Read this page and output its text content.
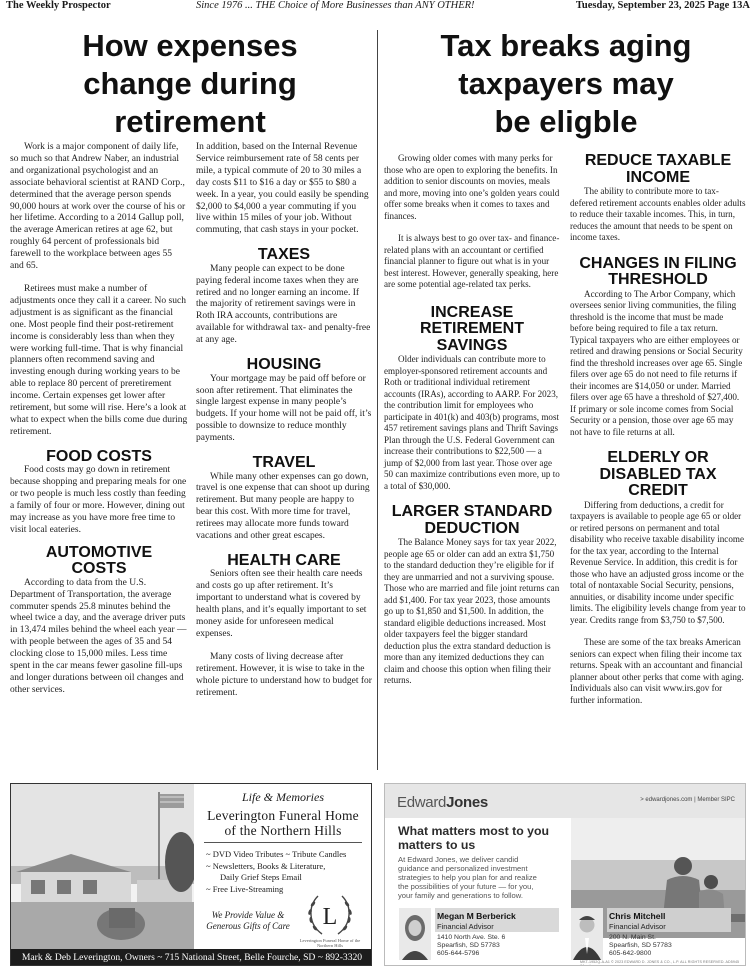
The Weekly Prospector	Since 1976 ... THE Choice of More Businesses than ANY OTHER!	Tuesday, September 23, 2025 Page 13A
How expenses
change during
retirement
Tax breaks aging
taxpayers may
be eligble

Work is a major component of daily life, so much so that Andrew Naber, an industrial and organizational psychologist and an associate behavioral scientist at RAND Corp., determined that the average person spends 90,000 hours at work over the course of his or her lifetime. According to a 2014 Gallup poll, the average American retires at age 62, but roughly 64 percent of professionals bid farewell to the workplace between ages 55 and 65.

Retirees must make a number of adjustments once they call it a career. No such adjustment is as significant as the financial one. Most people find their post-retirement income is considerably less than when they were working full-time. That is why financial planners often recommend saving and investing enough during working years to be able to replace 80 percent of preretirement income. Certain expenses get lower after retirement, but some will rise. Here’s a look at what to expect when the bills come due during retirement.

FOOD COSTS

Food costs may go down in retirement because shopping and preparing meals for one or two people is much less costly than feeding a family of four or more. However, dining out may increase as you have more free time to visit local eateries.

AUTOMOTIVE COSTS

According to data from the U.S. Department of Transportation, the average commuter spends 25.8 minutes behind the wheel twice a day, and the average driver puts in 13,474 miles behind the wheel each year — with people between the ages of 35 and 54 clocking close to 15,000 miles. Less time spent in the car means fewer gasoline fill-ups and longer durations between oil changes and other services.

In addition, based on the Internal Revenue Service reimbursement rate of 58 cents per mile, a typical commute of 20 to 30 miles a day costs $11 to $16 a day or $55 to $80 a week. In a year, you could easily be spending $2,000 to $4,000 a year commuting if you live within 15 miles of your job. Without commuting, that cash stays in your pocket.

TAXES

Many people can expect to be done paying federal income taxes when they are retired and no longer earning an income. If the majority of retirement savings were in Roth IRA accounts, contributions are available for withdrawal tax- and penalty-free at any age.

HOUSING

Your mortgage may be paid off before or soon after retirement. That eliminates the single largest expense in many people’s budgets. If your home will not be paid off, it’s possible to downsize to reduce monthly payments.

TRAVEL

While many other expenses can go down, travel is one expense that can shoot up during retirement. But many people are happy to bear this cost. With more time for travel, retirees may allocate more funds toward vacations and other great escapes.

HEALTH CARE

Seniors often see their health care needs and costs go up after retirement. It’s important to understand what is covered by health plans, and it’s equally important to set money aside for unforeseen medical expenses.

Many costs of living decrease after retirement. However, it is wise to take in the whole picture to understand how to budget for retirement.

Growing older comes with many perks for those who are open to exploring the benefits. In addition to senior discounts on movies, meals and more, moving into one’s golden years could offer some breaks when it comes to taxes and finances.

It is always best to go over tax- and finance-related plans with an accountant or certified financial planner to figure out what is in your best interest. However, generally speaking, here are some potential age-related tax perks.

INCREASE RETIREMENT SAVINGS

Older individuals can contribute more to employer-sponsored retirement accounts and Roth or traditional individual retirement accounts (IRAs), according to AARP. For 2023, the contribution limit for employees who participate in 401(k) and 403(b) programs, most 457 retirement savings plans and Thrift Savings Plan through the U.S. Federal Government can increase their contributions to $22,500 — a jump of $2,000 from last year. Those over age 50 can maximize contributions even more, up to a total of $30,000.

LARGER STANDARD DEDUCTION

The Balance Money says for tax year 2022, people age 65 or older can add an extra $1,750 to the standard deduction they’re eligible for if they are unmarried and not a surviving spouse. Those who are married and file joint returns can add $1,400. For tax year 2023, those amounts go up to $1,850 and $1,500. In addition, the standard eligible deductions increased. Most older taxpayers feel the bigger standard deduction plus the extra standard deduction is more than any itemized deductions they can claim and choose this option when filing their returns.

REDUCE TAXABLE INCOME

The ability to contribute more to tax-defered retirement accounts enables older adults to reduce their taxable incomes. This, in turn, reduces the amount that needs to be spent on income taxes.

CHANGES IN FILING THRESHOLD

According to The Arbor Company, which oversees senior living communities, the filing threshold is the income that must be made before being required to file a tax return. Typical taxpayers who are either employees or retired and drawing pensions or Social Security find the threshold increases over age 65. Single filers over age 65 do not need to file returns if their incomes are $14,050 or under. Married filers over age 65 have a threshold of $27,400. If primary or sole income comes from Social Security or a pension, those over age 65 may not have to file returns at all.

ELDERLY OR DISABLED TAX CREDIT

Differing from deductions, a credit for taxpayers is available to people age 65 or older or retired persons on permanent and total disability who receive taxable disability income for the tax year, according to the Internal Revenue Service. In addition, this credit is for those who have an adjusted gross income or the total of nontaxable Social Security, pensions, annuities, or disability income under specific limits. The eligibility levels change from year to year. Credits range from $3,750 to $7,500.

These are some of the tax breaks American seniors can expect when filing their income tax returns. Speak with an accountant and financial planner about other perks that come with aging. Individuals also can visit www.irs.gov for further information.

Life & Memories
Leverington Funeral Home
of the Northern Hills
~ DVD Video Tributes ~ Tribute Candles
~ Newsletters, Books & Literature,
Daily Grief Steps Email
~ Free Live-Streaming
We Provide Value &
Generous Gifts of Care L
Leverington Funeral Home of the Northern Hills
Mark & Deb Leverington, Owners ~ 715 National Street, Belle Fourche, SD ~ 892-3320
EdwardJones	> edwardjones.com | Member SIPC
What matters most to you matters to us
At Edward Jones, we deliver candid guidance and personalized investment strategies to help you plan for and realize the possibilities of your future — for you, your family and generations to follow.
Megan M Berberick
Financial Advisor
1410 North Ave. Ste. 6
Spearfish, SD 57783
605-644-5796
Chris Mitchell
Financial Advisor
200 N. Main St.
Spearfish, SD 57783
605-642-9800
MKT-1952Q-A-A1 © 2023 EDWARD D. JONES & CO., L.P. ALL RIGHTS RESERVED. AD5945 (Member
